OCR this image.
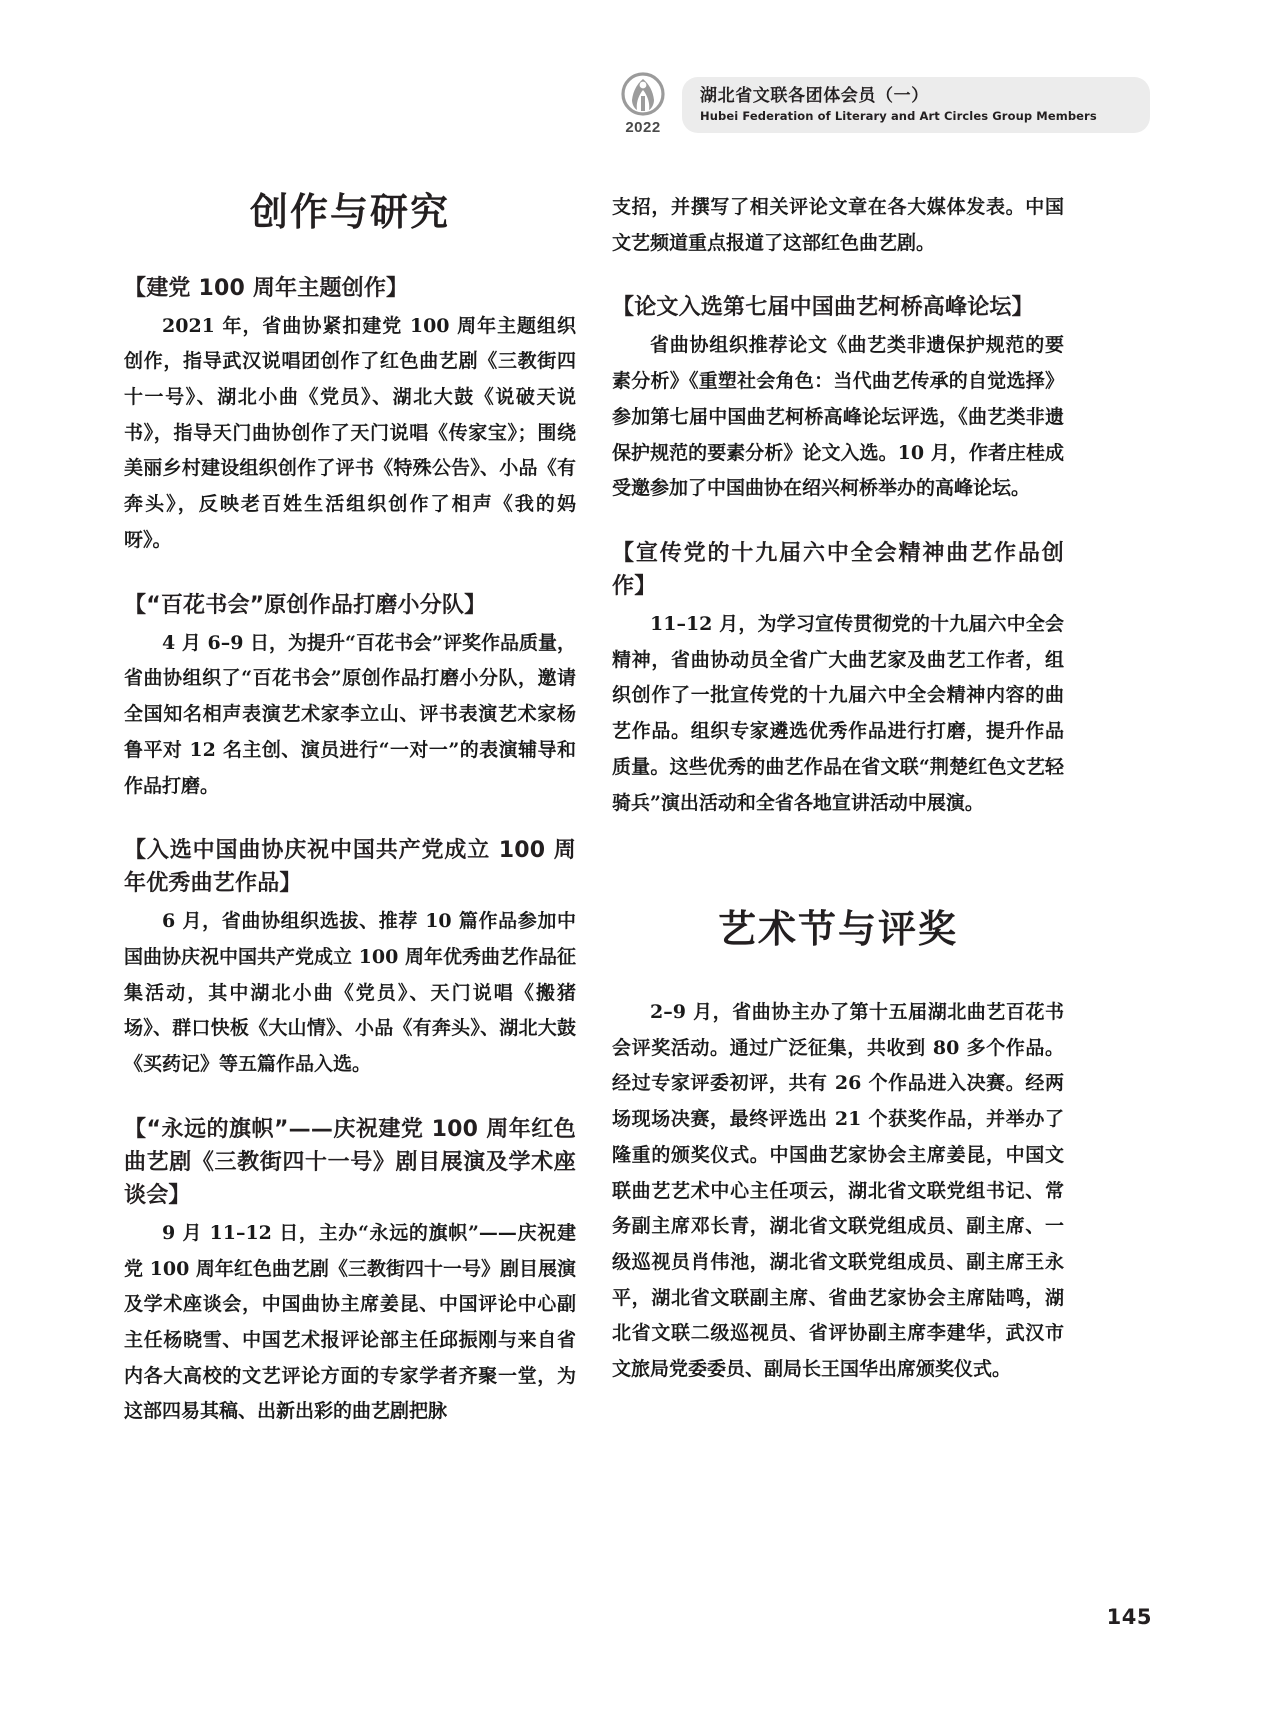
2022
湖北省文联各团体会员（一）
Hubei Federation of Literary and Art Circles Group Members
创作与研究
【建党 100 周年主题创作】

2021 年，省曲协紧扣建党 100 周年主题组织创作，指导武汉说唱团创作了红色曲艺剧《三教街四十一号》、湖北小曲《党员》、湖北大鼓《说破天说书》，指导天门曲协创作了天门说唱《传家宝》；围绕美丽乡村建设组织创作了评书《特殊公告》、小品《有奔头》，反映老百姓生活组织创作了相声《我的妈呀》。

【“百花书会”原创作品打磨小分队】

4 月 6–9 日，为提升“百花书会”评奖作品质量，省曲协组织了“百花书会”原创作品打磨小分队，邀请全国知名相声表演艺术家李立山、评书表演艺术家杨鲁平对 12 名主创、演员进行“一对一”的表演辅导和作品打磨。

【入选中国曲协庆祝中国共产党成立 100 周年优秀曲艺作品】

6 月，省曲协组织选拔、推荐 10 篇作品参加中国曲协庆祝中国共产党成立 100 周年优秀曲艺作品征集活动，其中湖北小曲《党员》、天门说唱《搬猪场》、群口快板《大山情》、小品《有奔头》、湖北大鼓《买药记》等五篇作品入选。

【“永远的旗帜”——庆祝建党 100 周年红色曲艺剧《三教街四十一号》剧目展演及学术座谈会】

9 月 11–12 日，主办“永远的旗帜”——庆祝建党 100 周年红色曲艺剧《三教街四十一号》剧目展演及学术座谈会，中国曲协主席姜昆、中国评论中心副主任杨晓雪、中国艺术报评论部主任邱振刚与来自省内各大高校的文艺评论方面的专家学者齐聚一堂，为这部四易其稿、出新出彩的曲艺剧把脉

支招，并撰写了相关评论文章在各大媒体发表。中国文艺频道重点报道了这部红色曲艺剧。

【论文入选第七届中国曲艺柯桥高峰论坛】

省曲协组织推荐论文《曲艺类非遗保护规范的要素分析》《重塑社会角色：当代曲艺传承的自觉选择》参加第七届中国曲艺柯桥高峰论坛评选，《曲艺类非遗保护规范的要素分析》论文入选。10 月，作者庄桂成受邀参加了中国曲协在绍兴柯桥举办的高峰论坛。

【宣传党的十九届六中全会精神曲艺作品创作】

11–12 月，为学习宣传贯彻党的十九届六中全会精神，省曲协动员全省广大曲艺家及曲艺工作者，组织创作了一批宣传党的十九届六中全会精神内容的曲艺作品。组织专家遴选优秀作品进行打磨，提升作品质量。这些优秀的曲艺作品在省文联“荆楚红色文艺轻骑兵”演出活动和全省各地宣讲活动中展演。

艺术节与评奖

2–9 月，省曲协主办了第十五届湖北曲艺百花书会评奖活动。通过广泛征集，共收到 80 多个作品。经过专家评委初评，共有 26 个作品进入决赛。经两场现场决赛，最终评选出 21 个获奖作品，并举办了隆重的颁奖仪式。中国曲艺家协会主席姜昆，中国文联曲艺艺术中心主任项云，湖北省文联党组书记、常务副主席邓长青，湖北省文联党组成员、副主席、一级巡视员肖伟池，湖北省文联党组成员、副主席王永平，湖北省文联副主席、省曲艺家协会主席陆鸣，湖北省文联二级巡视员、省评协副主席李建华，武汉市文旅局党委委员、副局长王国华出席颁奖仪式。

145
